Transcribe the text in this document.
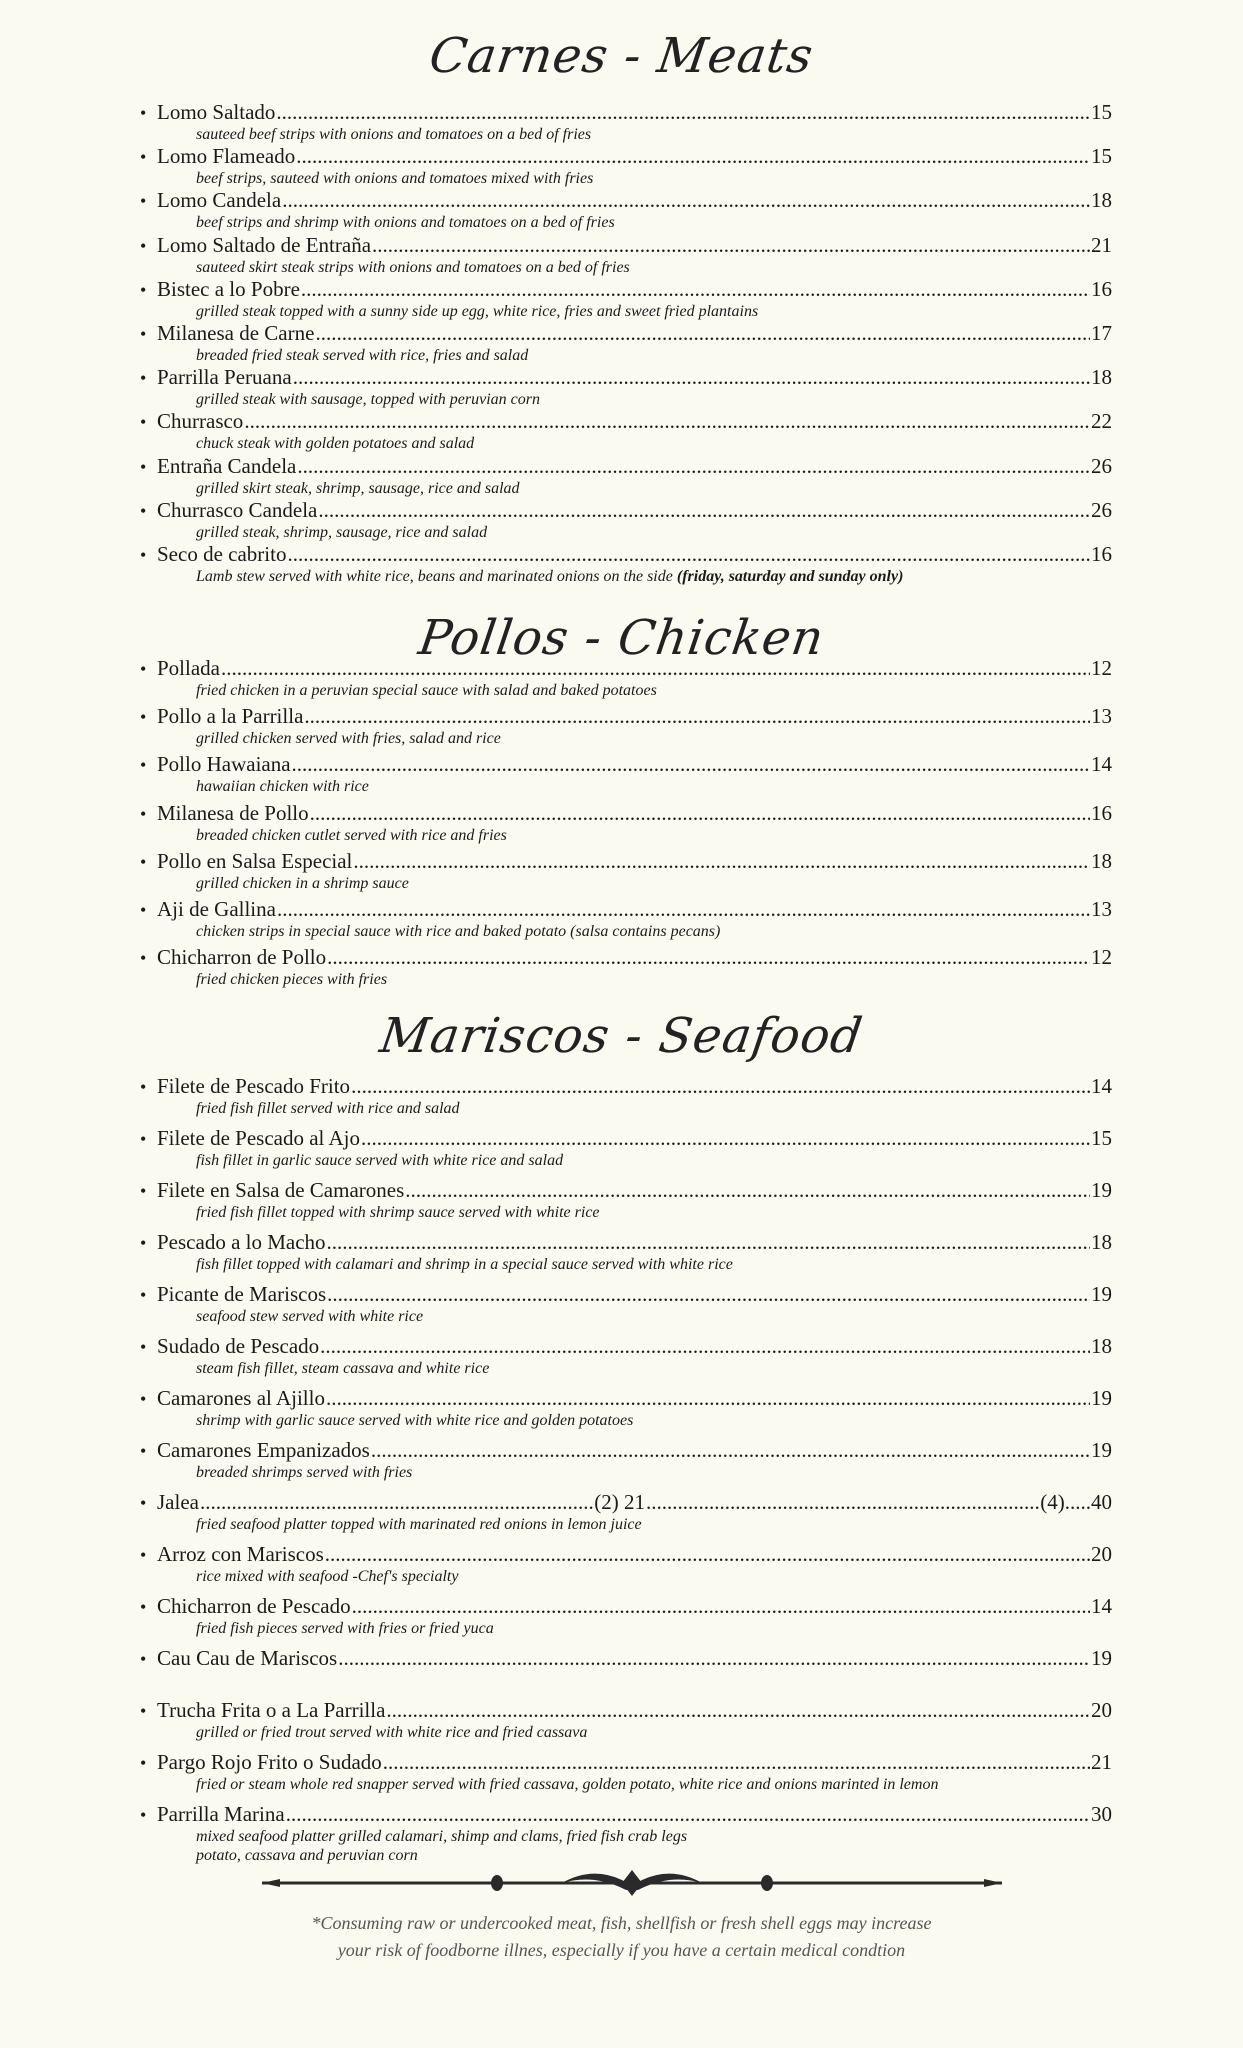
Carnes - Meats
• Lomo Saltado .....	15
sauteed beef strips with onions and tomatoes on a bed of fries
• Lomo Flameado .....	15
beef strips, sauteed with onions and tomatoes mixed with fries
• Lomo Candela .....	18
beef strips and shrimp with onions and tomatoes on a bed of fries
• Lomo Saltado de Entraña .....	21
sauteed skirt steak strips with onions and tomatoes on a bed of fries
• Bistec a lo Pobre .....	16
grilled steak topped with a sunny side up egg, white rice, fries and sweet fried plantains
• Milanesa de Carne .....	17
breaded fried steak served with rice, fries and salad
• Parrilla Peruana .....	18
grilled steak with sausage, topped with peruvian corn
• Churrasco .....	22
chuck steak with golden potatoes and salad
• Entraña Candela .....	26
grilled skirt steak, shrimp, sausage, rice and salad
• Churrasco Candela .....	26
grilled steak, shrimp, sausage, rice and salad
• Seco de cabrito .....	16
Lamb stew served with white rice, beans and marinated onions on the side (friday, saturday and sunday only)
Pollos - Chicken
• Pollada .....	12
fried chicken in a peruvian special sauce with salad and baked potatoes
• Pollo a la Parrilla .....	13
grilled chicken served with fries, salad and rice
• Pollo Hawaiana .....	14
hawaiian chicken with rice
• Milanesa de Pollo .....	16
breaded chicken cutlet served with rice and fries
• Pollo en Salsa Especial .....	18
grilled chicken in a shrimp sauce
• Aji de Gallina .....	13
chicken strips in special sauce with rice and baked potato (salsa contains pecans)
• Chicharron de Pollo .....	12
fried chicken pieces with fries
Mariscos - Seafood
• Filete de Pescado Frito .....	14
fried fish fillet served with rice and salad
• Filete de Pescado al Ajo .....	15
fish fillet in garlic sauce served with white rice and salad
• Filete en Salsa de Camarones .....	19
fried fish fillet topped with shrimp sauce served with white rice
• Pescado a lo Macho .....	18
fish fillet topped with calamari and shrimp in a special sauce served with white rice
• Picante de Mariscos .....	19
seafood stew served with white rice
• Sudado de Pescado .....	18
steam fish fillet, steam cassava and white rice
• Camarones al Ajillo .....	19
shrimp with garlic sauce served with white rice and golden potatoes
• Camarones Empanizados .....	19
breaded shrimps served with fries
• Jalea .....	(2) 21 .....	(4).....40
fried seafood platter topped with marinated red onions in lemon juice
• Arroz con Mariscos .....	20
rice mixed with seafood -Chef's specialty
• Chicharron de Pescado .....	14
fried fish pieces served with fries or fried yuca
• Cau Cau de Mariscos .....	19
• Trucha Frita o a La Parrilla .....	20
grilled or fried trout served with white rice and fried cassava
• Pargo Rojo Frito o Sudado .....	21
fried or steam whole red snapper served with fried cassava, golden potato, white rice and onions marinted in lemon
• Parrilla Marina .....	30
mixed seafood platter grilled calamari, shimp and clams, fried fish crab legs
potato, cassava and peruvian corn
*Consuming raw or undercooked meat, fish, shellfish or fresh shell eggs may increase
your risk of foodborne illnes, especially if you have a certain medical condtion
